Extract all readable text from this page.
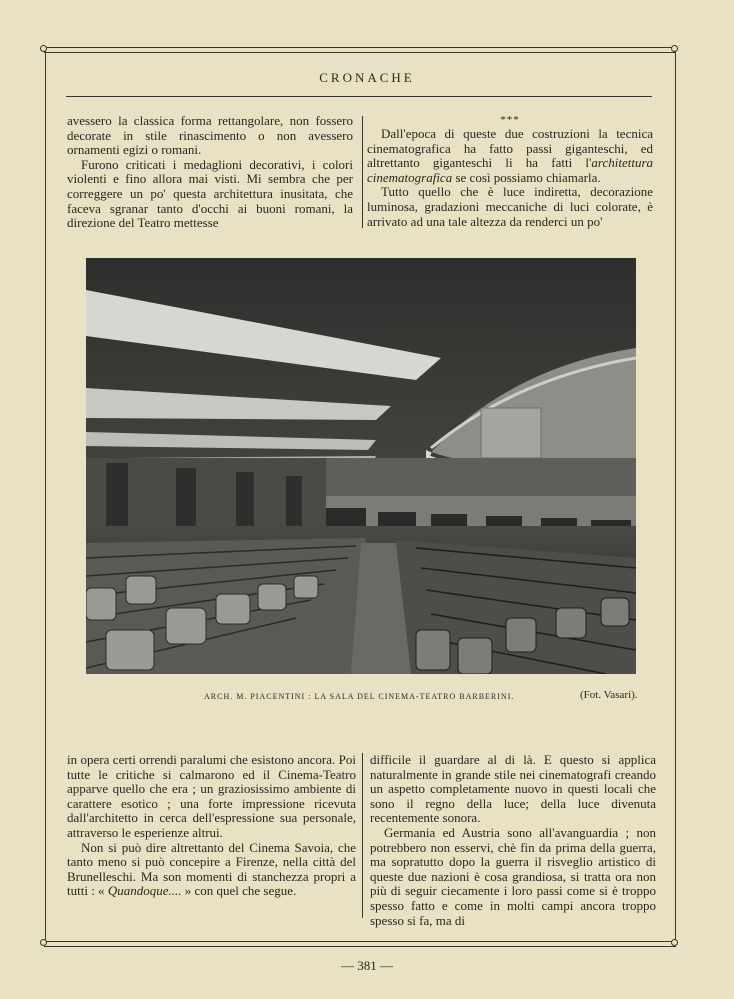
CRONACHE

avessero la classica forma rettangolare, non fossero decorate in stile rinascimento o non avessero ornamenti egizi o romani.

Furono criticati i medaglioni decorativi, i colori violenti e fino allora mai visti. Mi sembra che per correggere un po' questa architettura inusitata, che faceva sgranar tanto d'occhi ai buoni romani, la direzione del Teatro mettesse

***

Dall'epoca di queste due costruzioni la tecnica cinematografica ha fatto passi giganteschi, ed altrettanto giganteschi li ha fatti l'architettura cinematografica se così possiamo chiamarla.

Tutto quello che è luce indiretta, decorazione luminosa, gradazioni meccaniche di luci colorate, è arrivato ad una tale altezza da renderci un po'

ARCH. M. PIACENTINI : LA SALA DEL CINEMA-TEATRO BARBERINI.	(Fot. Vasari).

in opera certi orrendi paralumi che esistono ancora. Poi tutte le critiche si calmarono ed il Cinema-Teatro apparve quello che era ; un graziosissimo ambiente di carattere esotico ; una forte impressione ricevuta dall'architetto in cerca dell'espressione sua personale, attraverso le esperienze altrui.

Non si può dire altrettanto del Cinema Savoia, che tanto meno si può concepire a Firenze, nella città del Brunelleschi. Ma son momenti di stanchezza propri a tutti : « Quandoque.... » con quel che segue.

difficile il guardare al di là. E questo si applica naturalmente in grande stile nei cinematografi creando un aspetto completamente nuovo in questi locali che sono il regno della luce; della luce divenuta recentemente sonora.

Germania ed Austria sono all'avanguardia ; non potrebbero non esservi, chè fin da prima della guerra, ma sopratutto dopo la guerra il risveglio artistico di queste due nazioni è cosa grandiosa, si tratta ora non più di seguir ciecamente i loro passi come si è troppo spesso fatto e come in molti campi ancora troppo spesso si fa, ma di

— 381 —
